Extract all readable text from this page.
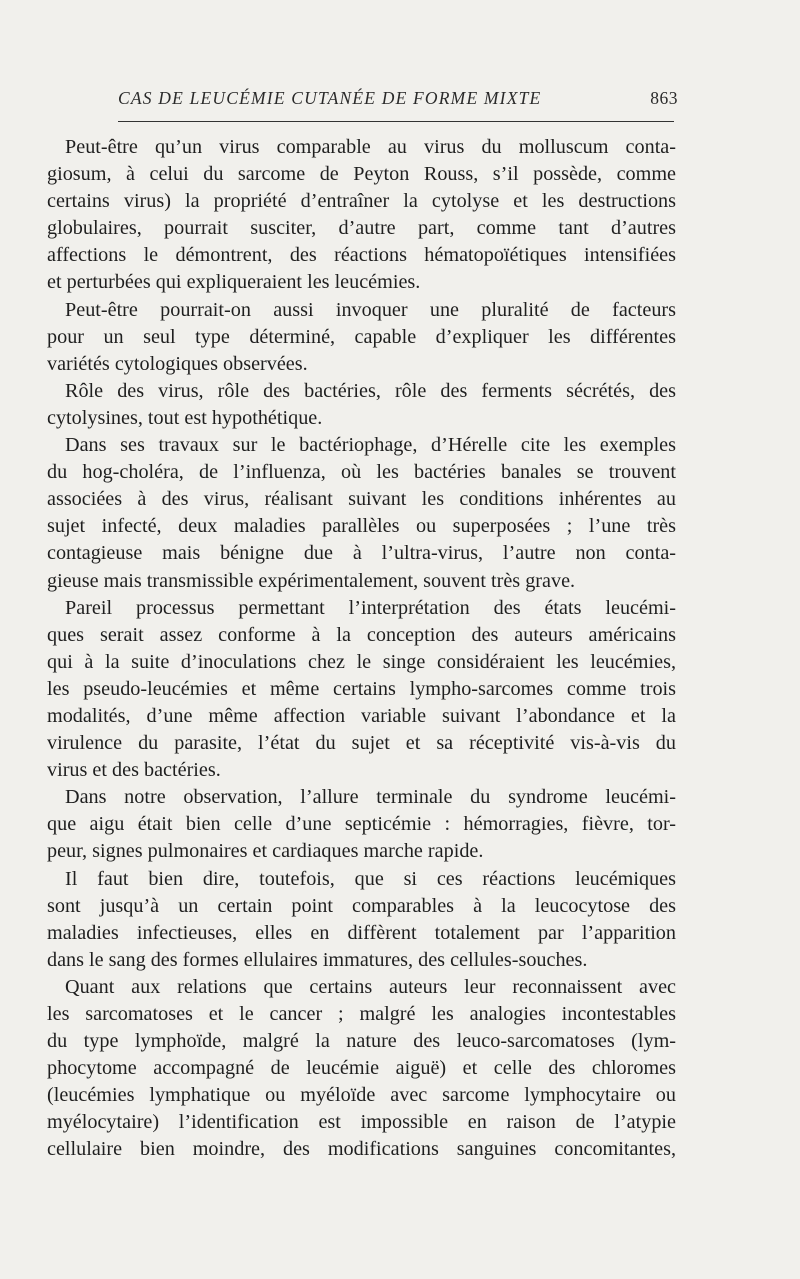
CAS DE LEUCÉMIE CUTANÉE DE FORME MIXTE	863
Peut-être qu’un virus comparable au virus du molluscum conta-
giosum, à celui du sarcome de Peyton Rouss, s’il possède, comme
certains virus) la propriété d’entraîner la cytolyse et les destructions
globulaires, pourrait susciter, d’autre part, comme tant d’autres
affections le démontrent, des réactions hématopoïétiques intensifiées
et perturbées qui expliqueraient les leucémies.
Peut-être pourrait-on aussi invoquer une pluralité de facteurs
pour un seul type déterminé, capable d’expliquer les différentes
variétés cytologiques observées.
Rôle des virus, rôle des bactéries, rôle des ferments sécrétés, des
cytolysines, tout est hypothétique.
Dans ses travaux sur le bactériophage, d’Hérelle cite les exemples
du hog-choléra, de l’influenza, où les bactéries banales se trouvent
associées à des virus, réalisant suivant les conditions inhérentes au
sujet infecté, deux maladies parallèles ou superposées ; l’une très
contagieuse mais bénigne due à l’ultra-virus, l’autre non conta-
gieuse mais transmissible expérimentalement, souvent très grave.
Pareil processus permettant l’interprétation des états leucémi-
ques serait assez conforme à la conception des auteurs américains
qui à la suite d’inoculations chez le singe considéraient les leucémies,
les pseudo-leucémies et même certains lympho-sarcomes comme trois
modalités, d’une même affection variable suivant l’abondance et la
virulence du parasite, l’état du sujet et sa réceptivité vis-à-vis du
virus et des bactéries.
Dans notre observation, l’allure terminale du syndrome leucémi-
que aigu était bien celle d’une septicémie : hémorragies, fièvre, tor-
peur, signes pulmonaires et cardiaques marche rapide.
Il faut bien dire, toutefois, que si ces réactions leucémiques
sont jusqu’à un certain point comparables à la leucocytose des
maladies infectieuses, elles en diffèrent totalement par l’apparition
dans le sang des formes ellulaires immatures, des cellules-souches.
Quant aux relations que certains auteurs leur reconnaissent avec
les sarcomatoses et le cancer ; malgré les analogies incontestables
du type lymphoïde, malgré la nature des leuco-sarcomatoses (lym-
phocytome accompagné de leucémie aiguë) et celle des chloromes
(leucémies lymphatique ou myéloïde avec sarcome lymphocytaire ou
myélocytaire) l’identification est impossible en raison de l’atypie
cellulaire bien moindre, des modifications sanguines concomitantes,
